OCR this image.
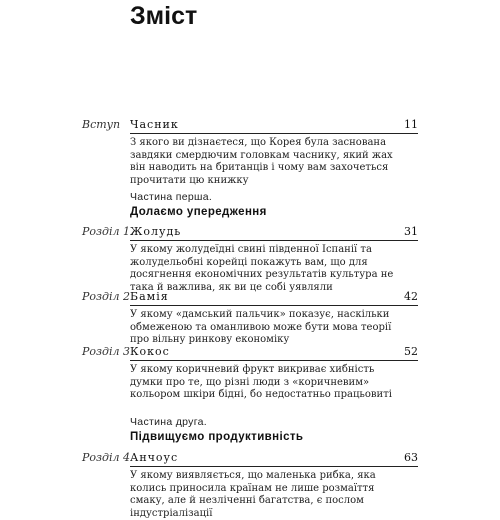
Зміст
Вступ Часник	11
З якого ви дізнаєтеся, що Корея була заснована завдяки смердючим головкам часнику, який жах він наводить на британців і чому вам захочеться прочитати цю книжку
Частина перша.
Долаємо упередження
Розділ 1 Жолудь	31
У якому жолудеїдні свині південної Іспанії та жолудельобні корейці покажуть вам, що для досягнення економічних результатів культура не така й важлива, як ви це собі уявляли
Розділ 2 Бамія	42
У якому «дамський пальчик» показує, наскільки обмеженою та оманливою може бути мова теорії про вільну ринкову економіку
Розділ 3 Кокос	52
У якому коричневий фрукт викриває хибність думки про те, що різні люди з «коричневим» кольором шкіри бідні, бо недостатньо працьовиті
Частина друга.
Підвищуємо продуктивність
Розділ 4 Анчоус	63
У якому виявляється, що маленька рибка, яка колись приносила країнам не лише розмаїття смаку, але й незліченні багатства, є послом індустріалізації
